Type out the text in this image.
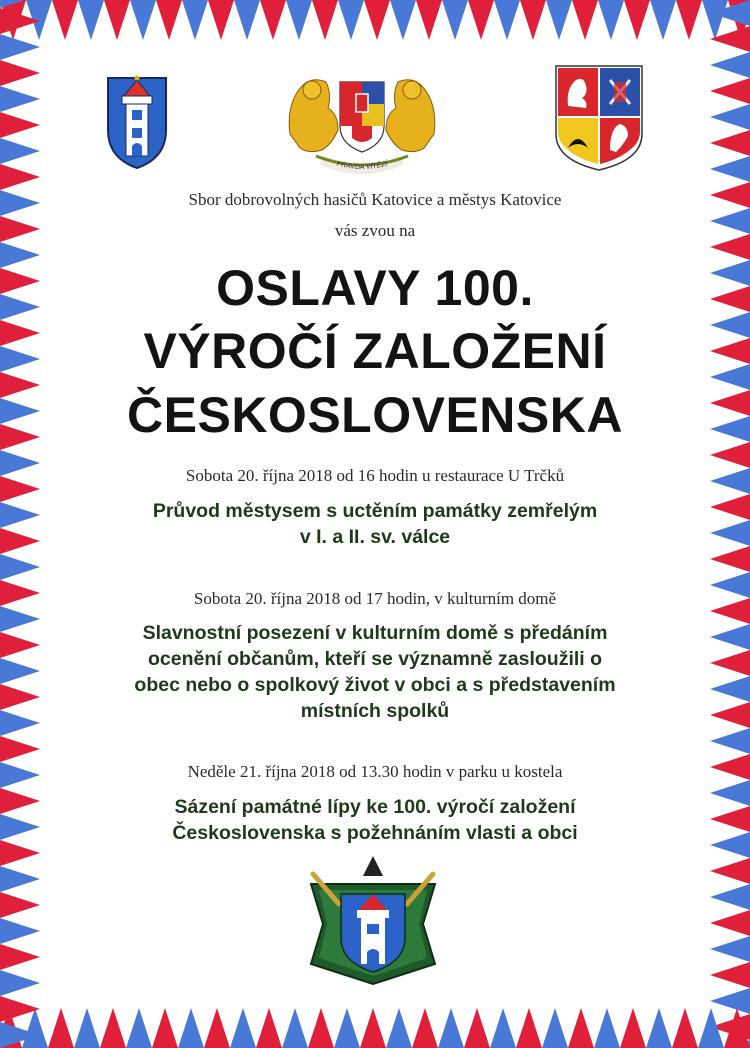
PRAVDA VÍTĚZÍ
Sbor dobrovolných hasičů Katovice a městys Katovice
vás zvou na
OSLAVY 100.
VÝROČÍ ZALOŽENÍ
ČESKOSLOVENSKA
Sobota 20. října 2018 od 16 hodin u restaurace U Trčků
Průvod městysem s uctěním památky zemřelým
v I. a II. sv. válce
Sobota 20. října 2018 od 17 hodin, v kulturním domě
Slavnostní posezení v kulturním domě s předáním
ocenění občanům, kteří se významně zasloužili o
obec nebo o spolkový život v obci a s představením
místních spolků
Neděle 21. října 2018 od 13.30 hodin v parku u kostela
Sázení památné lípy ke 100. výročí založení
Československa s požehnáním vlasti a obci
